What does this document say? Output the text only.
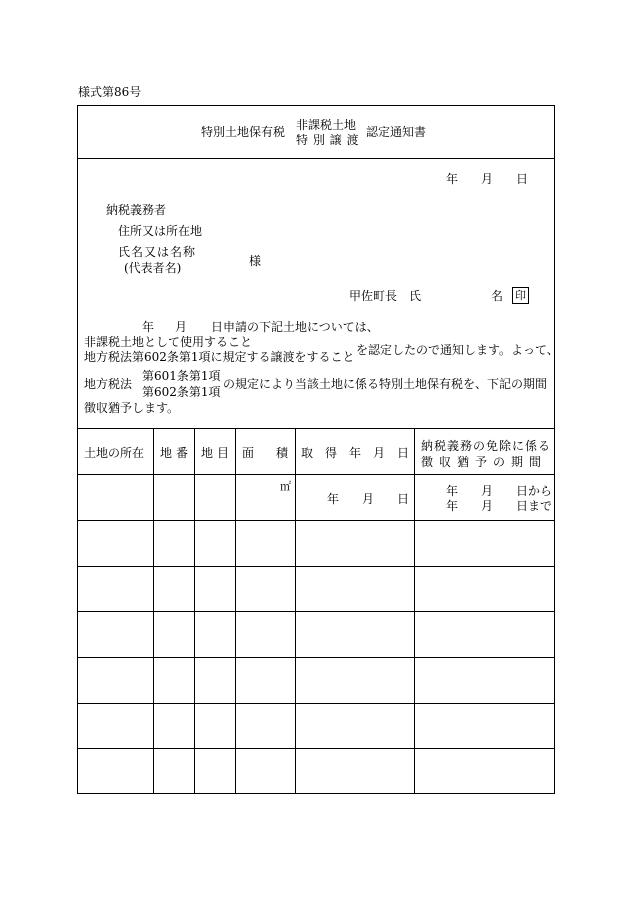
様式第86号
特別土地保有税 非課税土地
特 別 譲 渡
認定通知書
年 月 日
納税義務者
住所又は所在地
氏名又は名称
(代表者名)	様
甲佐町長　氏	名 印
年 月 日申請の下記土地については、
非課税土地として使用すること
地方税法第602条第1項に規定する譲渡をすること を認定したので通知します。よって、
地方税法
第601条第1項
第602条第1項
の規定により当該土地に係る特別土地保有税を、下記の期間
徴収猶予します。
土地の所在 地 番 地 目 面 積 取得年月日 納税義務の免除に係る
徴収猶予の期間
㎡
年 月 日
年 月 日から
年 月 日まで
